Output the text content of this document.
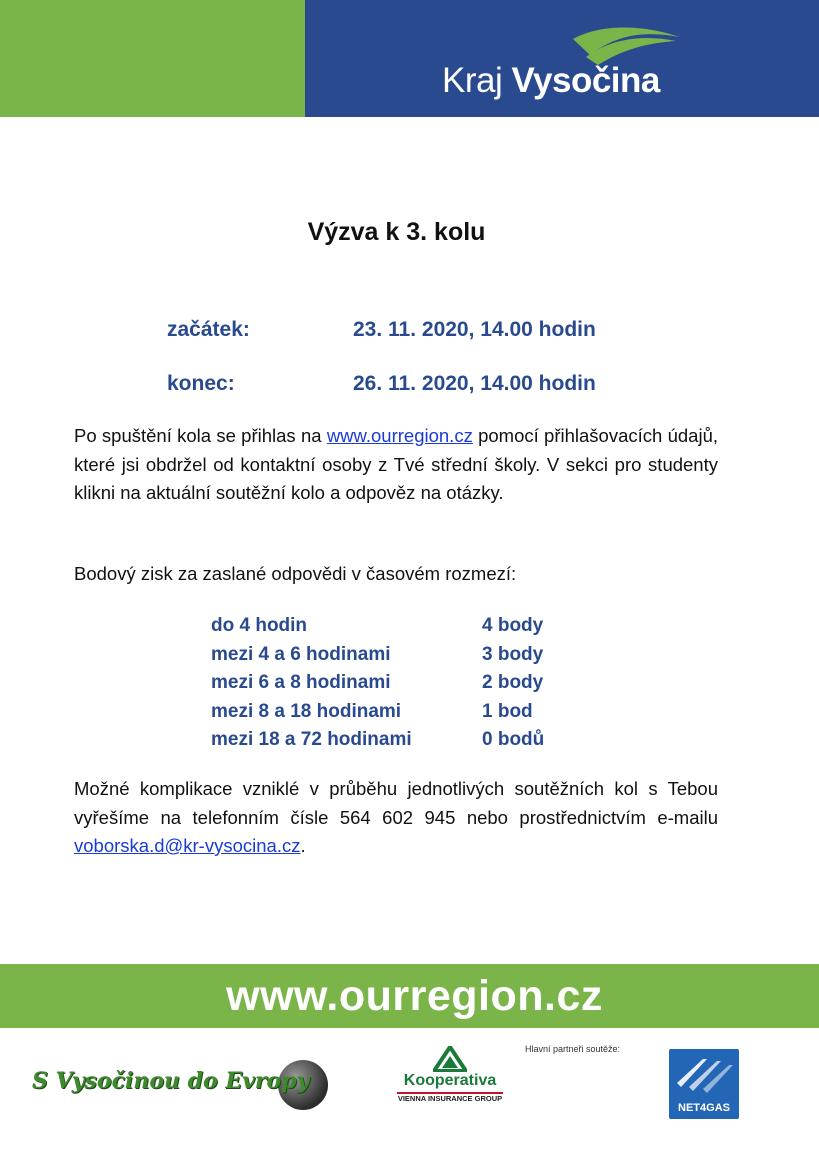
Kraj Vysočina
Výzva k 3. kolu
začátek:	23. 11. 2020, 14.00 hodin
konec:	26. 11. 2020, 14.00 hodin
Po spuštění kola se přihlas na www.ourregion.cz pomocí přihlašovacích údajů, které jsi obdržel od kontaktní osoby z Tvé střední školy. V sekci pro studenty klikni na aktuální soutěžní kolo a odpověz na otázky.
Bodový zisk za zaslané odpovědi v časovém rozmezí:
do 4 hodin	4 body
mezi 4 a 6 hodinami	3 body
mezi 6 a 8 hodinami	2 body
mezi 8 a 18 hodinami	1 bod
mezi 18 a 72 hodinami	0 bodů
Možné komplikace vzniklé v průběhu jednotlivých soutěžních kol s Tebou vyřešíme na telefonním čísle 564 602 945 nebo prostřednictvím e-mailu voborska.d@kr-vysocina.cz.
www.ourregion.cz
S Vysočinou do Evropy	Kooperativa
VIENNA INSURANCE GROUP
Hlavní partneři soutěže:
NET4GAS
